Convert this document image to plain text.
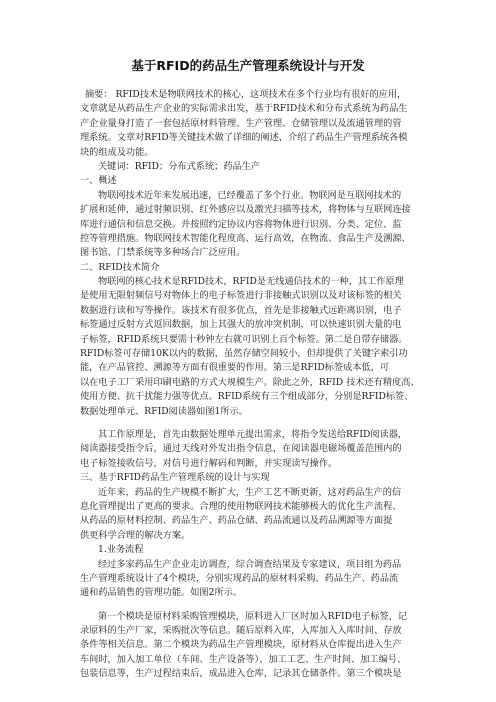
基于RFID的药品生产管理系统设计与开发
摘要： RFID技术是物联网技术的核心，这项技术在多个行业均有很好的应用，
文章就是从药品生产企业的实际需求出发，基于RFID技术和分布式系统为药品生
产企业量身打造了一套包括原材料管理、生产管理、仓储管理以及流通管理的管
理系统。文章对RFID等关键技术做了详细的阐述，介绍了药品生产管理系统各模
块的组成及功能。
关键词：RFID；分布式系统；药品生产
一、概述
物联网技术近年来发展迅速，已经覆盖了多个行业。物联网是互联网技术的
扩展和延伸，通过射频识别、红外感应以及激光扫描等技术，将物体与互联网连接
库进行通信和信息交换。并按照约定协议内容将物体进行识别、分类、定位、监
控等管理措施。物联网技术智能化程度高、运行高效，在物流、食品生产及溯源、
图书馆、门禁系统等多种场合广泛应用。
二、RFID技术简介
物联网的核心技术是RFID技术，RFID是无线通信技术的一种，其工作原理
是使用无限射频信号对物体上的电子标签进行非接触式识别以及对该标签的相关
数据进行读和写等操作。该技术有很多优点，首先是非接触式远距离识别，电子
标签通过反射方式返回数据，加上其强大的放冲突机制，可以快速识别大量的电
子标签，RFID系统只要需十秒钟左右就可识别上百个标签。第二是自带存储器。
RFID标签可存储10K以内的数据，虽然存储空间较小，但却提供了关键字索引功
能，在产品管控、溯源等方面有很重要的作用。第三是RFID标签成本低，可
以在电子工厂采用印刷电路的方式大规模生产。除此之外，RFID 技术还有精度高、
使用方便、抗干扰能力强等优点。RFID系统有三个组成部分，分别是RFID标签、
数据处理单元、RFID阅读器如图1所示。
其工作原理是，首先由数据处理单元提出需求，将指令发送给RFID阅读器，
阅读器接受指令后，通过天线对外发出指令信息，在阅读器电磁场覆盖范围内的
电子标签接收信号，对信号进行解码和判断，并实现读写操作。
三、基于RFID药品生产管理系统的设计与实现
近年来，药品的生产规模不断扩大，生产工艺不断更新，这对药品生产的信
息化管理提出了更高的要求。合理的使用物联网技术能够极大的优化生产流程、
从药品的原材料控制、药品生产、药品仓储、药品流通以及药品溯源等方面提
供更科学合理的解决方案。
1.业务流程
经过多家药品生产企业走访调查，综合调查结果及专家建议，项目组为药品
生产管理系统设计了4个模块，分别实现药品的原材料采购、药品生产、药品流
通和药品销售的管理功能。如图2所示。
第一个模块是原材料采购管理模块，原料进入厂区时加入RFID电子标签，记
录原料的生产厂家，采购批次等信息。随后原料入库，入库加入入库时间、存放
条件等相关信息。第二个模块为药品生产管理模块，原材料从仓库提出进入生产
车间时，加入加工单位（车间、生产设备等）、加工工艺、生产时间、加工编号、
包装信息等，生产过程结束后，成品进入仓库，记录其仓储条件。第三个模块是
